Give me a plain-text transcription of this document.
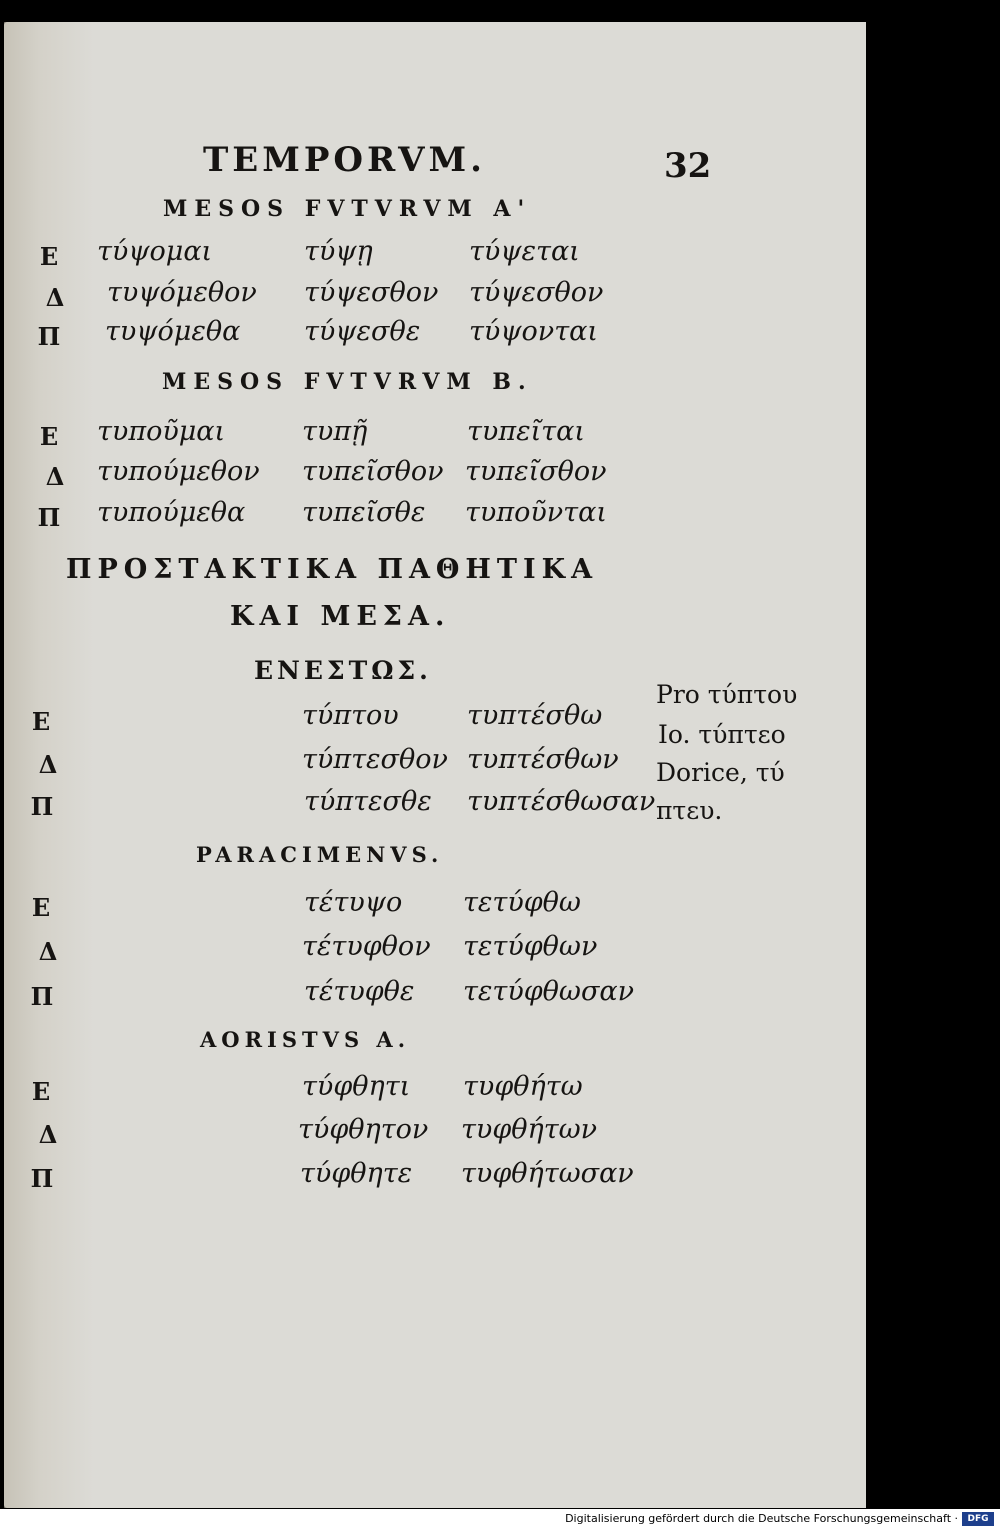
TEMPORVM.	32
MESOS FVTVRVM A'
E τύψομαι	τύψῃ	τύψεται
Δ τυψόμεθον τύψεσθον τύψεσθον
Π τυψόμεθα τύψεσθε τύψονται
MESOS FVTVRVM B.
E τυποῦμαι	τυπῇ	τυπεῖται
Δ τυπούμεθον τυπεῖσθον τυπεῖσθον
Π τυπούμεθα τυπεῖσθε τυποῦνται
ΠΡΟΣΤΑΚΤΙΚΑ ΠΑΘΗΤΙΚΑ
ΚΑΙ ΜΕΣΑ.
ΕΝΕΣΤΩΣ.
E	τύπτου	τυπτέσθω
Δ	τύπτεσθον τυπτέσθων
Π	τύπτεσθε τυπτέσθωσαν
Pro τύπτου
Io. τύπτεο
Dorice, τύ
πτευ.
PARACIMENVS.
E	τέτυψο τετύφθω
Δ	τέτυφθον τετύφθων
Π	τέτυφθε τετύφθωσαν
AORISTVS A.
E	τύφθητι τυφθήτω
Δ	τύφθητον τυφθήτων
Π	τύφθητε τυφθήτωσαν
Digitalisierung gefördert durch die Deutsche Forschungsgemeinschaft ·	DFG
